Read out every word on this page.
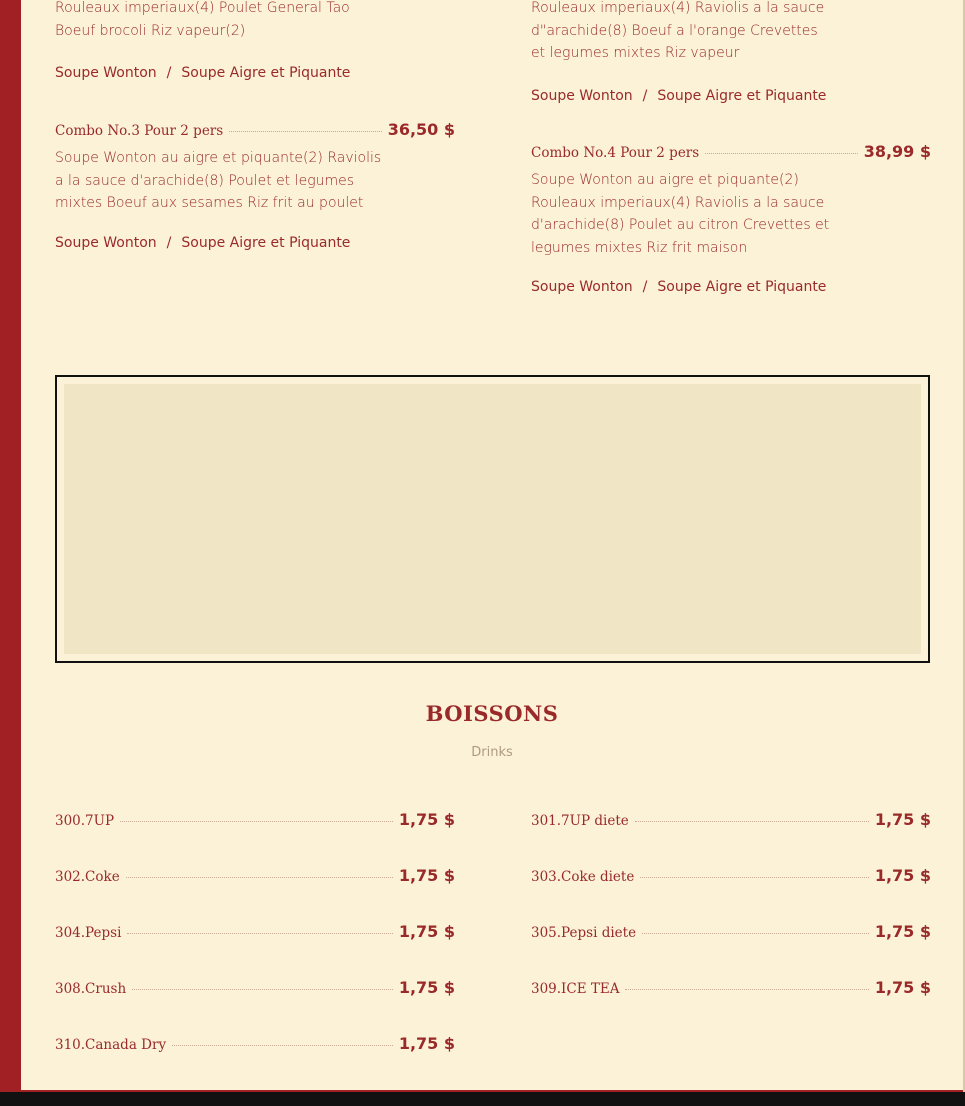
Rouleaux imperiaux(4) Poulet General Tao Boeuf brocoli Riz vapeur(2)

Soupe Wonton / Soupe Aigre et Piquante

Rouleaux imperiaux(4) Raviolis a la sauce d"arachide(8) Boeuf a l'orange Crevettes et legumes mixtes Riz vapeur

Soupe Wonton / Soupe Aigre et Piquante
Combo No.3 Pour 2 pers	36,50 $

Soupe Wonton au aigre et piquante(2) Raviolis a la sauce d'arachide(8) Poulet et legumes mixtes Boeuf aux sesames Riz frit au poulet

Soupe Wonton / Soupe Aigre et Piquante
Combo No.4 Pour 2 pers	38,99 $

Soupe Wonton au aigre et piquante(2) Rouleaux imperiaux(4) Raviolis a la sauce d'arachide(8) Poulet au citron Crevettes et legumes mixtes Riz frit maison

Soupe Wonton / Soupe Aigre et Piquante
BOISSONS
Drinks
300.7UP	1,75 $	301.7UP diete	1,75 $
302.Coke	1,75 $	303.Coke diete	1,75 $
304.Pepsi	1,75 $	305.Pepsi diete	1,75 $
308.Crush	1,75 $	309.ICE TEA	1,75 $
310.Canada Dry	1,75 $
